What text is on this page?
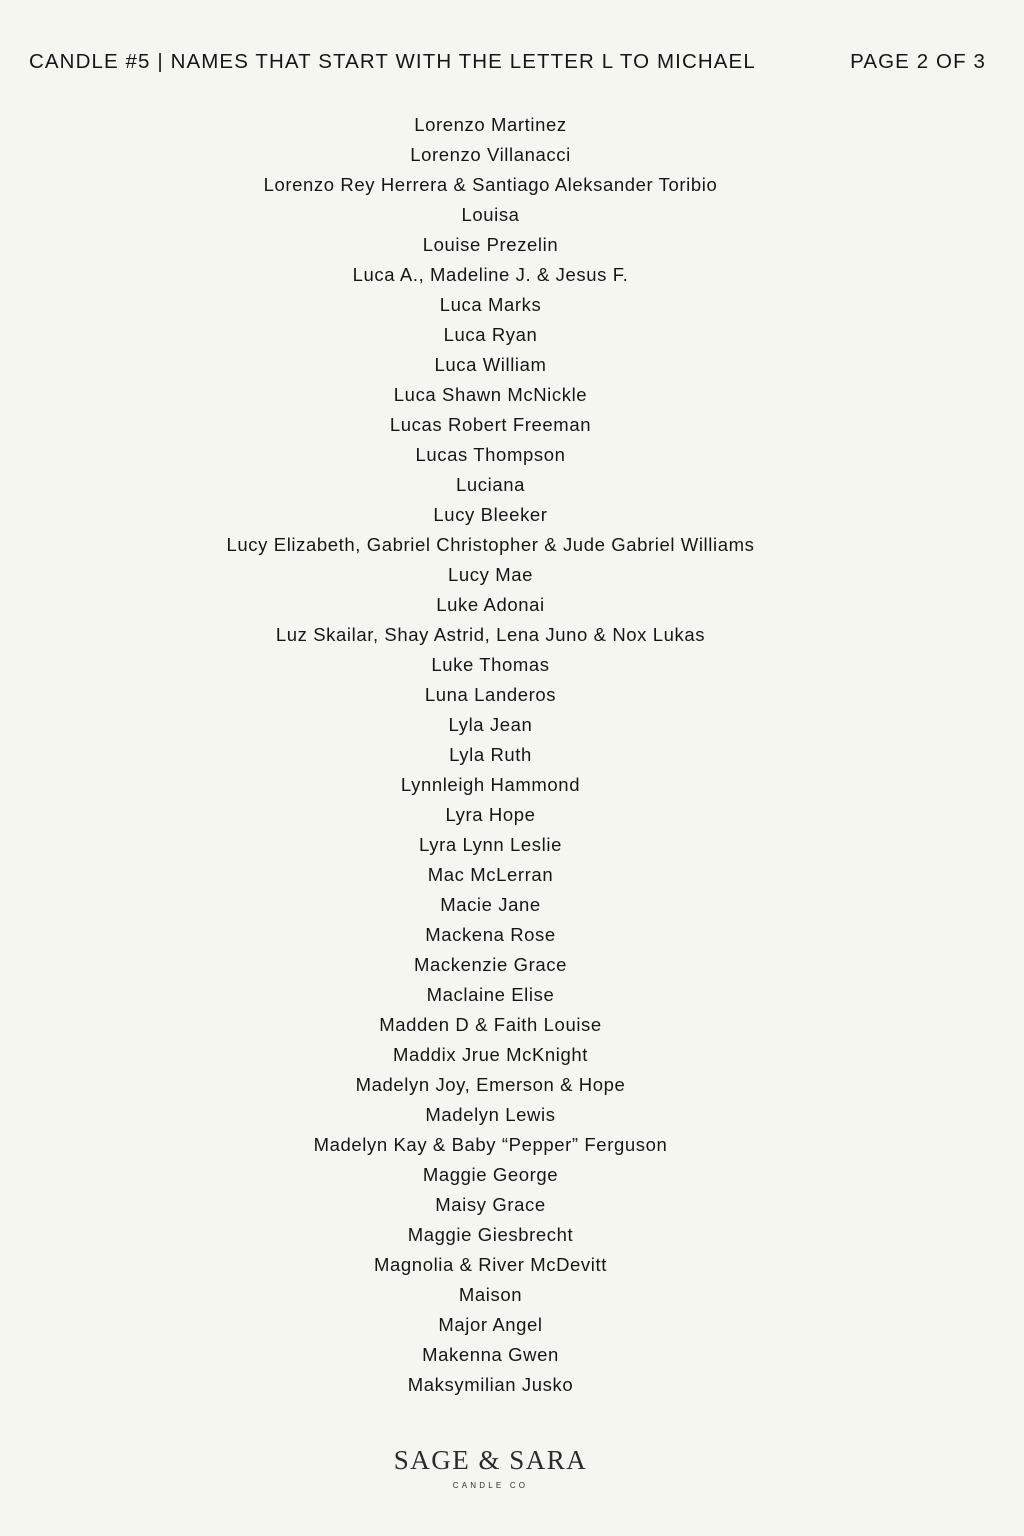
CANDLE #5 | NAMES THAT START WITH THE LETTER L TO MICHAEL	PAGE 2 OF 3
Lorenzo Martinez
Lorenzo Villanacci
Lorenzo Rey Herrera & Santiago Aleksander Toribio
Louisa
Louise Prezelin
Luca A., Madeline J. & Jesus F.
Luca Marks
Luca Ryan
Luca William
Luca Shawn McNickle
Lucas Robert Freeman
Lucas Thompson
Luciana
Lucy Bleeker
Lucy Elizabeth, Gabriel Christopher & Jude Gabriel Williams
Lucy Mae
Luke Adonai
Luz Skailar, Shay Astrid, Lena Juno & Nox Lukas
Luke Thomas
Luna Landeros
Lyla Jean
Lyla Ruth
Lynnleigh Hammond
Lyra Hope
Lyra Lynn Leslie
Mac McLerran
Macie Jane
Mackena Rose
Mackenzie Grace
Maclaine Elise
Madden D & Faith Louise
Maddix Jrue McKnight
Madelyn Joy, Emerson & Hope
Madelyn Lewis
Madelyn Kay & Baby “Pepper” Ferguson
Maggie George
Maisy Grace
Maggie Giesbrecht
Magnolia & River McDevitt
Maison
Major Angel
Makenna Gwen
Maksymilian Jusko
SAGE & SARA
CANDLE CO
